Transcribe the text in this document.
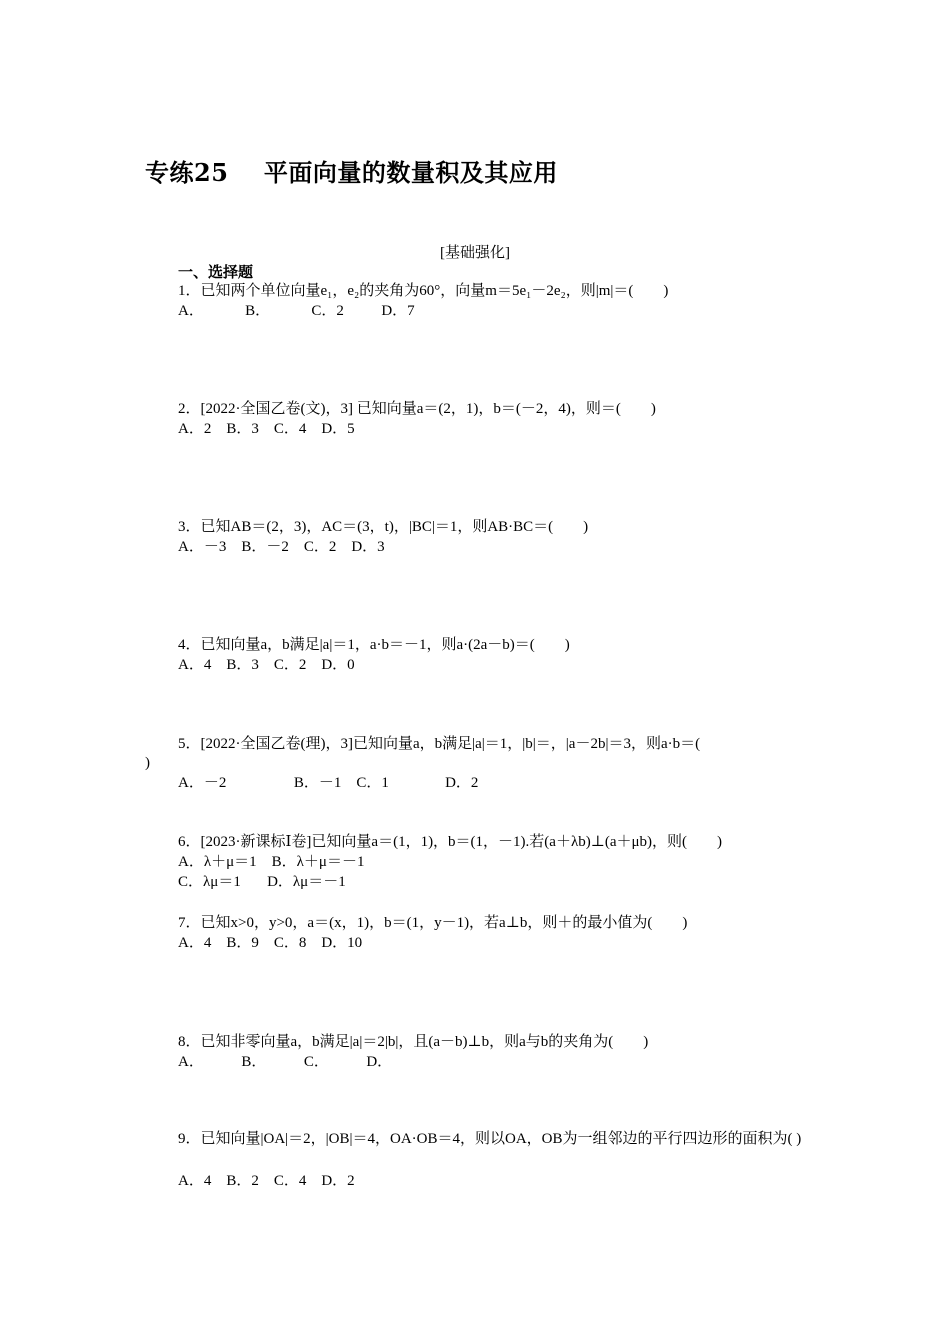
专练25    平面向量的数量积及其应用
[基础强化]
一、选择题
1．已知两个单位向量e₁，e₂的夹角为60°，向量m＝5e₁－2e₂，则|m|＝(        )
A．           B．           C．2          D．7
2．[2022·全国乙卷(文)，3] 已知向量a＝(2，1)，b＝(－2，4)，则＝(        )
A．2    B．3    C．4    D．5
3．已知AB＝(2，3)，AC＝(3，t)，|BC|＝1，则AB·BC＝(        )
A．－3    B．－2    C．2    D．3
4．已知向量a，b满足|a|＝1，a·b＝－1，则a·(2a－b)＝(        )
A．4    B．3    C．2    D．0
5．[2022·全国乙卷(理)，3]已知向量a，b满足|a|＝1，|b|＝，|a－2b|＝3，则a·b＝(
)
A．－2                  B．－1    C．1               D．2
6．[2023·新课标Ⅰ卷]已知向量a＝(1，1)，b＝(1，－1).若(a＋λb)⊥(a＋μb)，则(        )
A．λ＋μ＝1    B．λ＋μ＝－1
C．λμ＝1       D．λμ＝－1
7．已知x>0，y>0，a＝(x，1)，b＝(1，y－1)，若a⊥b，则＋的最小值为(        )
A．4    B．9    C．8    D．10
8．已知非零向量a，b满足|a|＝2|b|，且(a－b)⊥b，则a与b的夹角为(        )
A．          B．          C．          D．
9．已知向量|OA|＝2，|OB|＝4，OA·OB＝4，则以OA，OB为一组邻边的平行四边形的面积为( )
A．4    B．2    C．4    D．2
